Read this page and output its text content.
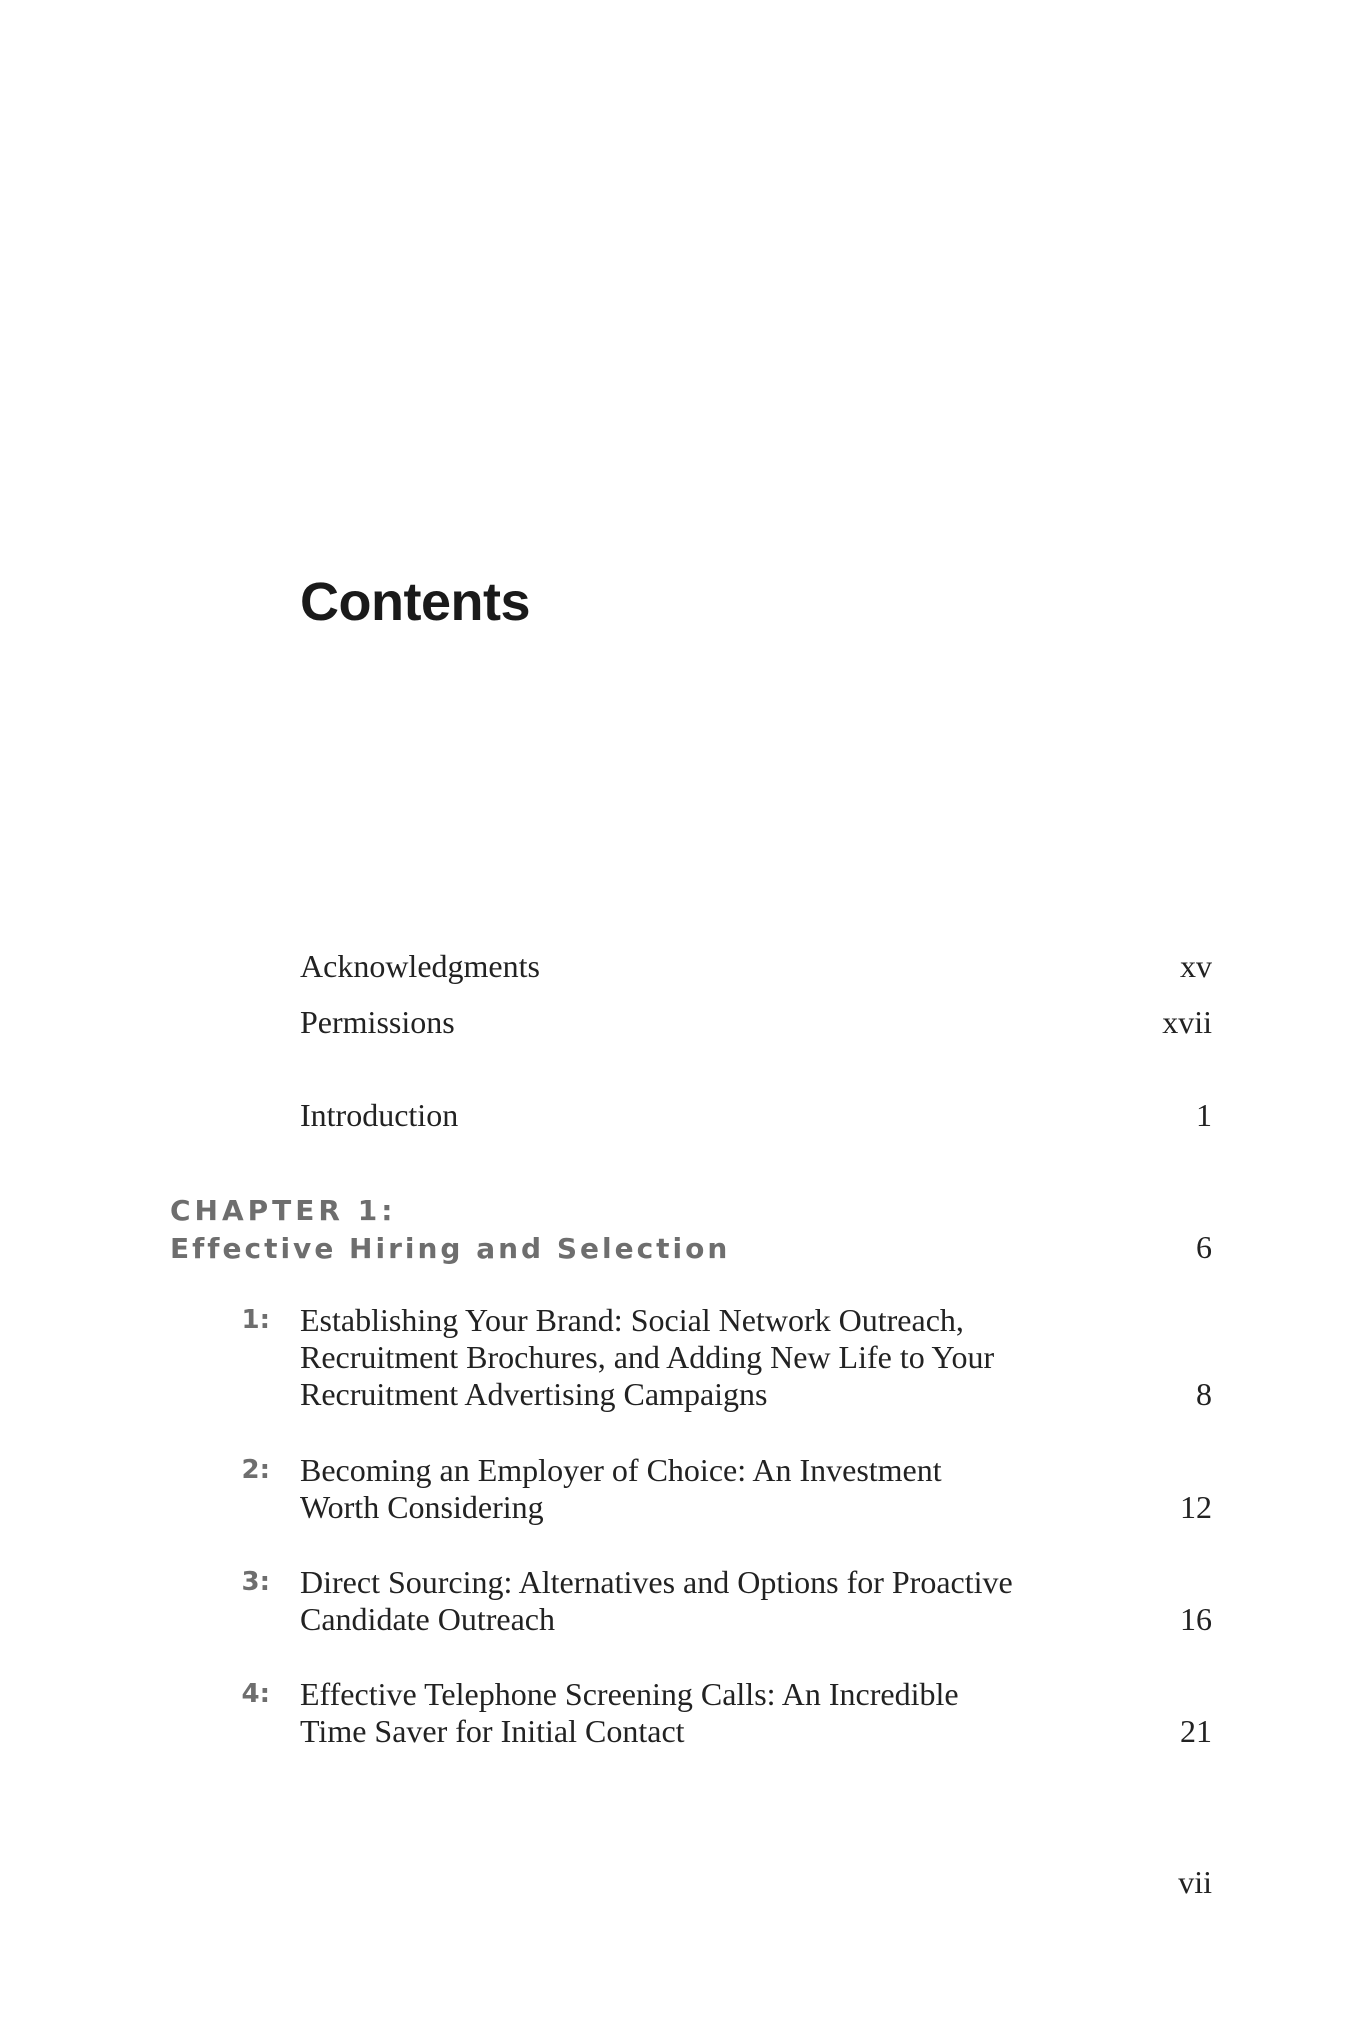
Contents
Acknowledgments	xv
Permissions	xvii
Introduction	1
CHAPTER 1:
Effective Hiring and Selection	6
1: Establishing Your Brand: Social Network Outreach,
Recruitment Brochures, and Adding New Life to Your
Recruitment Advertising Campaigns	8
2: Becoming an Employer of Choice: An Investment
Worth Considering	12
3: Direct Sourcing: Alternatives and Options for Proactive
Candidate Outreach	16
4: Effective Telephone Screening Calls: An Incredible
Time Saver for Initial Contact	21
vii
